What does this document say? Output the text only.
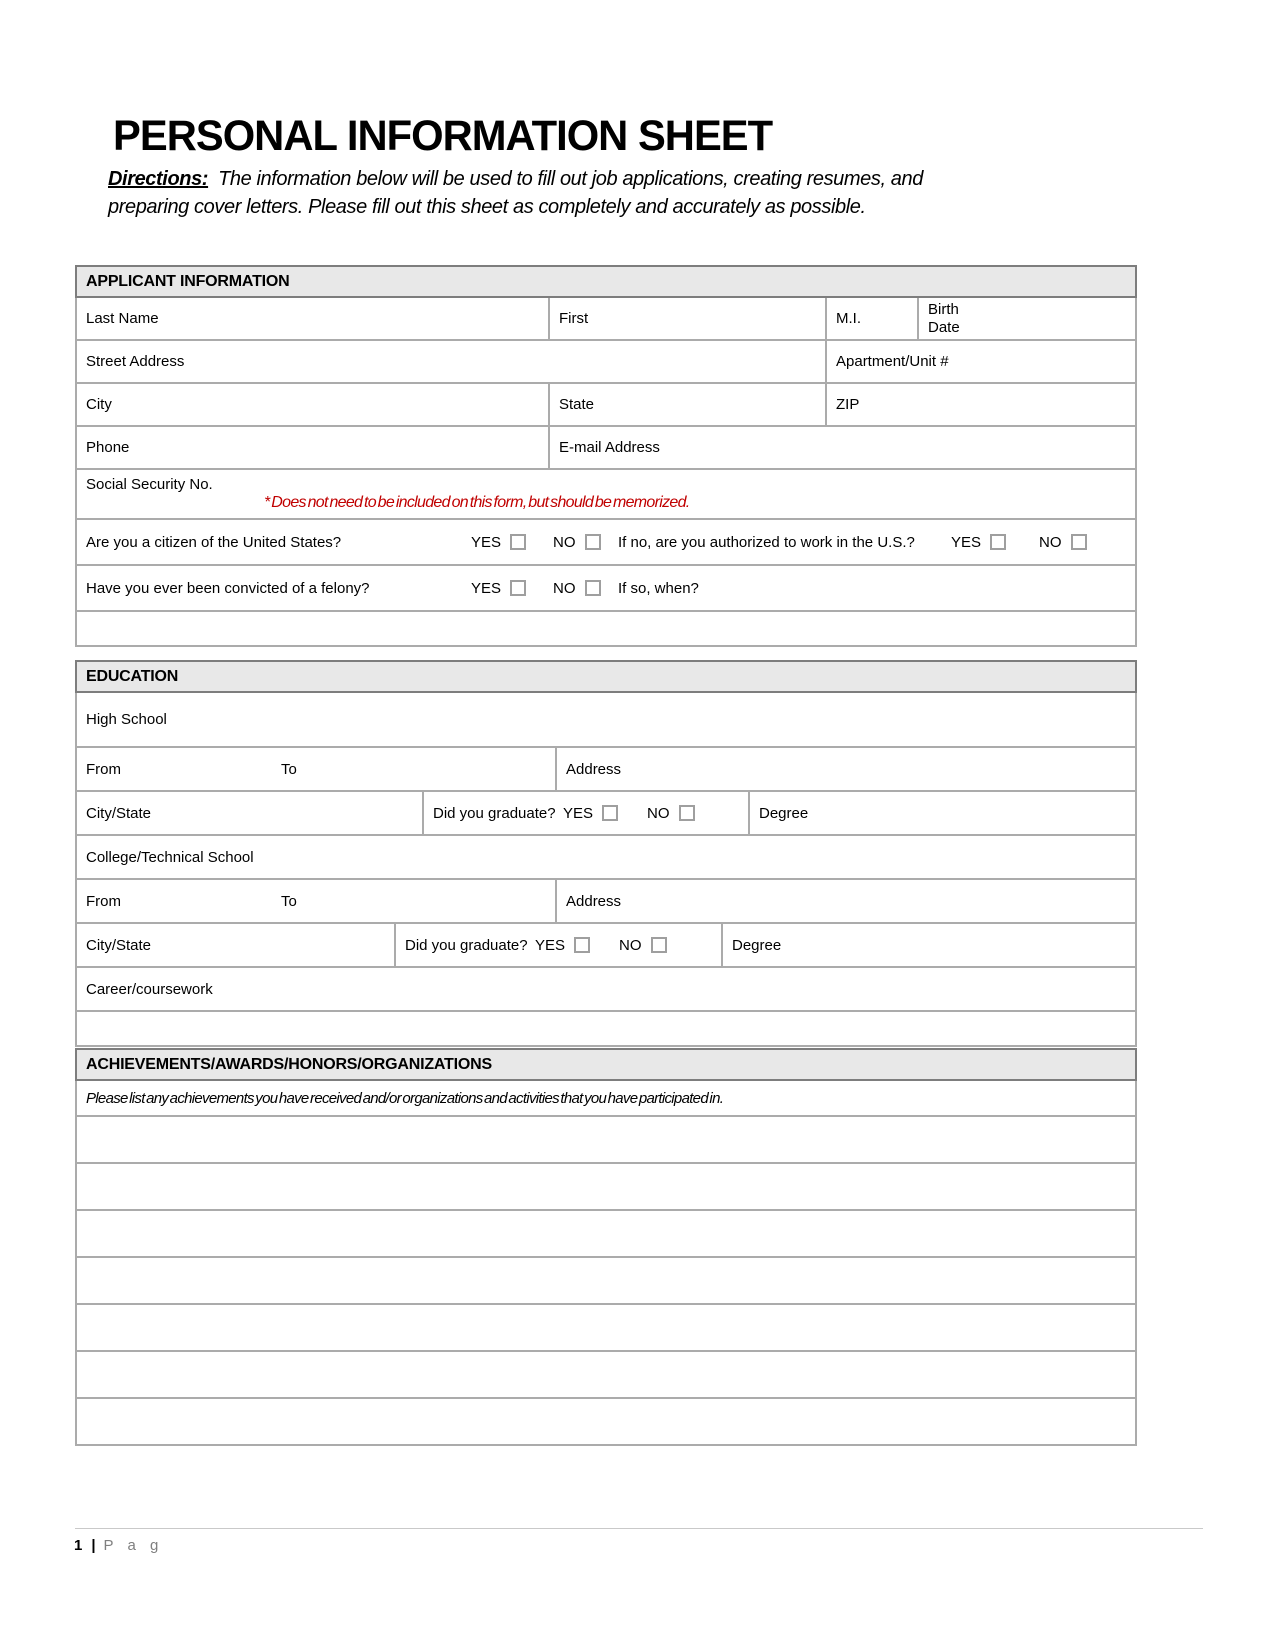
PERSONAL INFORMATION SHEET
Directions: The information below will be used to fill out job applications, creating resumes, and preparing cover letters. Please fill out this sheet as completely and accurately as possible.
APPLICANT INFORMATION			
Last Name	First	M.I.	Birth
Date

Street Address		Apartment/Unit #	
City	State	ZIP	
Phone	E-mail Address		

Social Security No.
* Does not need to be included on this form, but should be memorized.			

Are you a citizen of the United States?	YES	NO	If no, are you authorized to work in the U.S.?	YES	NO

Have you ever been convicted of a felony? YES NO If so, when?			

EDUCATION					
High School					

From To			Address		
City/State		Did you graduate? YES NO			Degree
College/Technical School					

From To			Address		
City/State	Did you graduate? YES NO			Degree	
Career/coursework					

ACHIEVEMENTS/AWARDS/HONORS/ORGANIZATIONS
Please list any achievements you have received and/or organizations and activities that you have participated in.

1 | P a g
